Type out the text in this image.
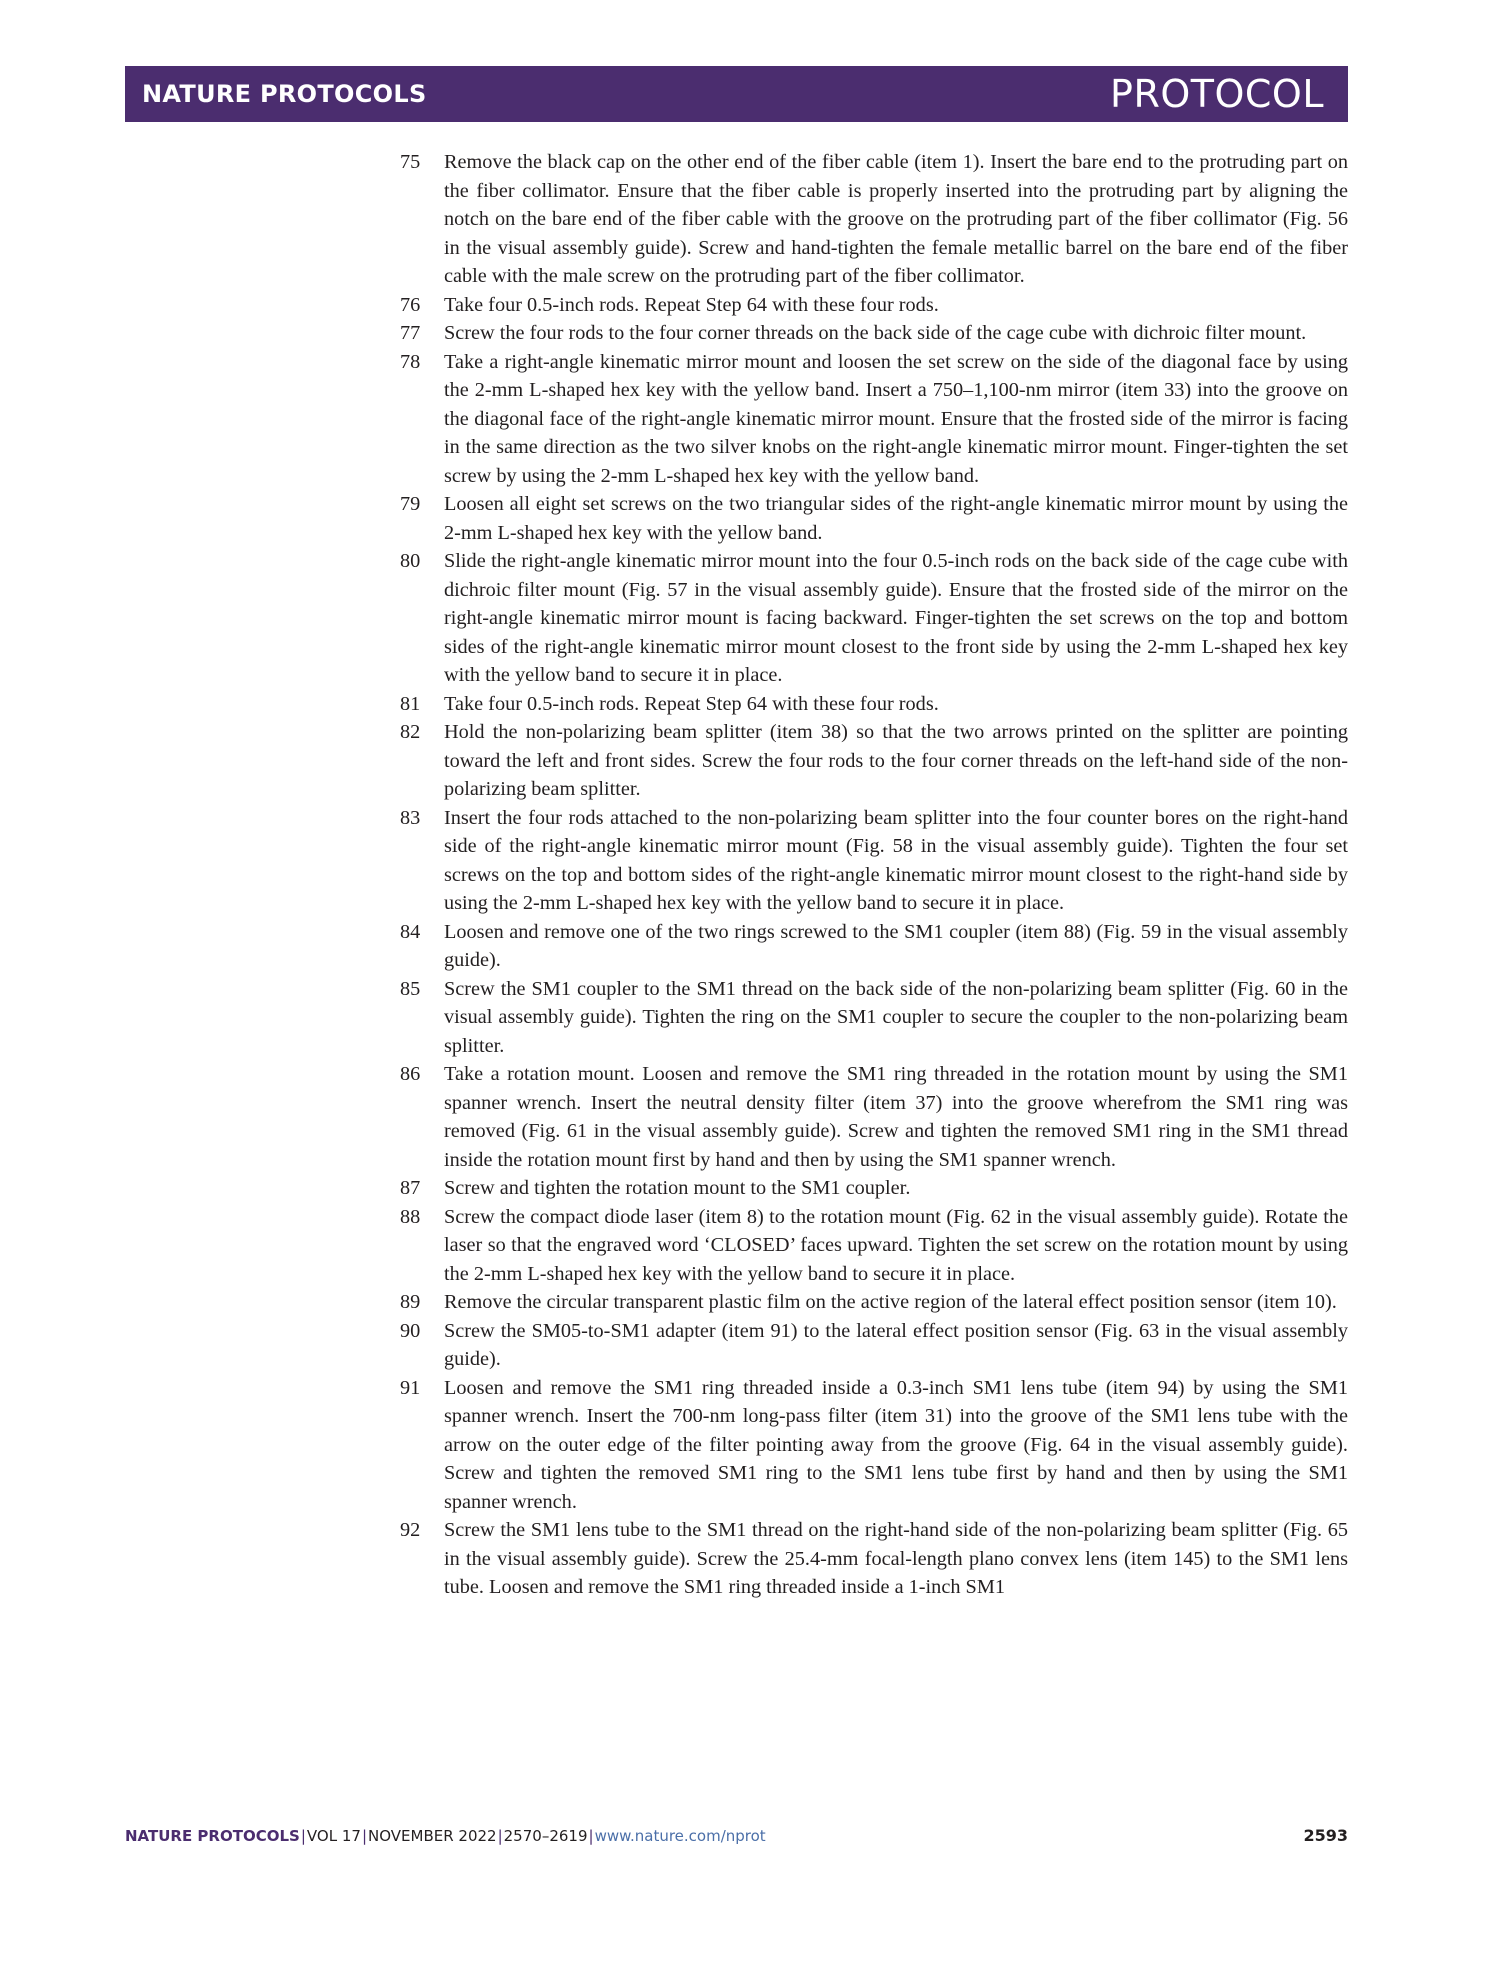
NATURE PROTOCOLS	PROTOCOL
75 Remove the black cap on the other end of the fiber cable (item 1). Insert the bare end to the protruding part on the fiber collimator. Ensure that the fiber cable is properly inserted into the protruding part by aligning the notch on the bare end of the fiber cable with the groove on the protruding part of the fiber collimator (Fig. 56 in the visual assembly guide). Screw and hand-tighten the female metallic barrel on the bare end of the fiber cable with the male screw on the protruding part of the fiber collimator.
76 Take four 0.5-inch rods. Repeat Step 64 with these four rods.
77 Screw the four rods to the four corner threads on the back side of the cage cube with dichroic filter mount.
78 Take a right-angle kinematic mirror mount and loosen the set screw on the side of the diagonal face by using the 2-mm L-shaped hex key with the yellow band. Insert a 750–1,100-nm mirror (item 33) into the groove on the diagonal face of the right-angle kinematic mirror mount. Ensure that the frosted side of the mirror is facing in the same direction as the two silver knobs on the right-angle kinematic mirror mount. Finger-tighten the set screw by using the 2-mm L-shaped hex key with the yellow band.
79 Loosen all eight set screws on the two triangular sides of the right-angle kinematic mirror mount by using the 2-mm L-shaped hex key with the yellow band.
80 Slide the right-angle kinematic mirror mount into the four 0.5-inch rods on the back side of the cage cube with dichroic filter mount (Fig. 57 in the visual assembly guide). Ensure that the frosted side of the mirror on the right-angle kinematic mirror mount is facing backward. Finger-tighten the set screws on the top and bottom sides of the right-angle kinematic mirror mount closest to the front side by using the 2-mm L-shaped hex key with the yellow band to secure it in place.
81 Take four 0.5-inch rods. Repeat Step 64 with these four rods.
82 Hold the non-polarizing beam splitter (item 38) so that the two arrows printed on the splitter are pointing toward the left and front sides. Screw the four rods to the four corner threads on the left-hand side of the non-polarizing beam splitter.
83 Insert the four rods attached to the non-polarizing beam splitter into the four counter bores on the right-hand side of the right-angle kinematic mirror mount (Fig. 58 in the visual assembly guide). Tighten the four set screws on the top and bottom sides of the right-angle kinematic mirror mount closest to the right-hand side by using the 2-mm L-shaped hex key with the yellow band to secure it in place.
84 Loosen and remove one of the two rings screwed to the SM1 coupler (item 88) (Fig. 59 in the visual assembly guide).
85 Screw the SM1 coupler to the SM1 thread on the back side of the non-polarizing beam splitter (Fig. 60 in the visual assembly guide). Tighten the ring on the SM1 coupler to secure the coupler to the non-polarizing beam splitter.
86 Take a rotation mount. Loosen and remove the SM1 ring threaded in the rotation mount by using the SM1 spanner wrench. Insert the neutral density filter (item 37) into the groove wherefrom the SM1 ring was removed (Fig. 61 in the visual assembly guide). Screw and tighten the removed SM1 ring in the SM1 thread inside the rotation mount first by hand and then by using the SM1 spanner wrench.
87 Screw and tighten the rotation mount to the SM1 coupler.
88 Screw the compact diode laser (item 8) to the rotation mount (Fig. 62 in the visual assembly guide). Rotate the laser so that the engraved word ‘CLOSED’ faces upward. Tighten the set screw on the rotation mount by using the 2-mm L-shaped hex key with the yellow band to secure it in place.
89 Remove the circular transparent plastic film on the active region of the lateral effect position sensor (item 10).
90 Screw the SM05-to-SM1 adapter (item 91) to the lateral effect position sensor (Fig. 63 in the visual assembly guide).
91 Loosen and remove the SM1 ring threaded inside a 0.3-inch SM1 lens tube (item 94) by using the SM1 spanner wrench. Insert the 700-nm long-pass filter (item 31) into the groove of the SM1 lens tube with the arrow on the outer edge of the filter pointing away from the groove (Fig. 64 in the visual assembly guide). Screw and tighten the removed SM1 ring to the SM1 lens tube first by hand and then by using the SM1 spanner wrench.
92 Screw the SM1 lens tube to the SM1 thread on the right-hand side of the non-polarizing beam splitter (Fig. 65 in the visual assembly guide). Screw the 25.4-mm focal-length plano convex lens (item 145) to the SM1 lens tube. Loosen and remove the SM1 ring threaded inside a 1-inch SM1
NATURE PROTOCOLS|VOL 17|NOVEMBER 2022|2570–2619|www.nature.com/nprot	2593
